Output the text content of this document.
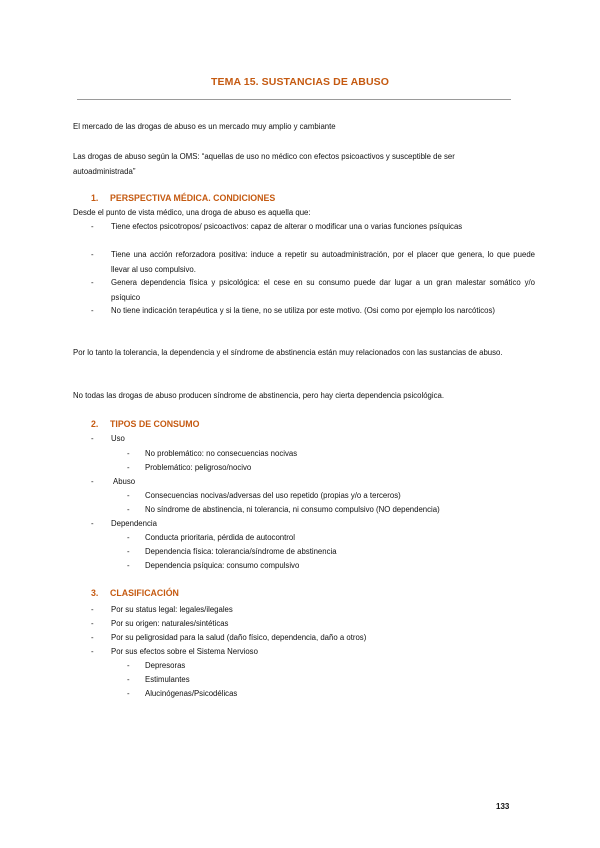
TEMA 15. SUSTANCIAS DE ABUSO
El mercado de las drogas de abuso es un mercado muy amplio y cambiante
Las drogas de abuso según la OMS: “aquellas de uso no médico con efectos psicoactivos y susceptible de ser autoadministrada”
1. PERSPECTIVA MÉDICA. CONDICIONES
Desde el punto de vista médico, una droga de abuso es aquella que:
- Tiene efectos psicotropos/ psicoactivos: capaz de alterar o modificar una o varias funciones psíquicas
- Tiene una acción reforzadora positiva: induce a repetir su autoadministración, por el placer que genera, lo que puede llevar al uso compulsivo.
- Genera dependencia física y psicológica: el cese en su consumo puede dar lugar a un gran malestar somático y/o psíquico
- No tiene indicación terapéutica y si la tiene, no se utiliza por este motivo. (Osi como por ejemplo los narcóticos)
Por lo tanto la tolerancia, la dependencia y el síndrome de abstinencia están muy relacionados con las sustancias de abuso.
No todas las drogas de abuso producen síndrome de abstinencia, pero hay cierta dependencia psicológica.
2. TIPOS DE CONSUMO
- Uso
- No problemático: no consecuencias nocivas
- Problemático: peligroso/nocivo
- Abuso
- Consecuencias nocivas/adversas del uso repetido (propias y/o a terceros)
- No síndrome de abstinencia, ni tolerancia, ni consumo compulsivo (NO dependencia)
- Dependencia
- Conducta prioritaria, pérdida de autocontrol
- Dependencia física: tolerancia/síndrome de abstinencia
- Dependencia psíquica: consumo compulsivo
3. CLASIFICACIÓN
- Por su status legal: legales/ilegales
- Por su origen: naturales/sintéticas
- Por su peligrosidad para la salud (daño físico, dependencia, daño a otros)
- Por sus efectos sobre el Sistema Nervioso
- Depresoras
- Estimulantes
- Alucinógenas/Psicodélicas
133
